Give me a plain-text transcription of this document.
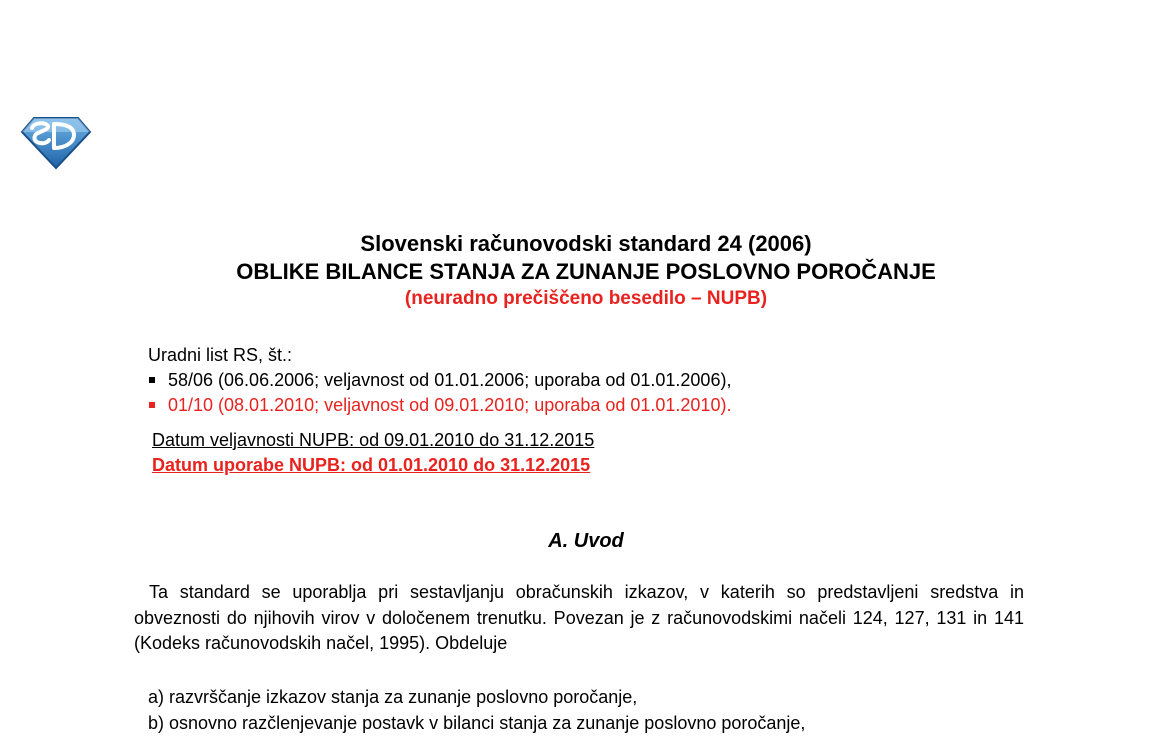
Slovenski računovodski standard 24 (2006)
OBLIKE BILANCE STANJA ZA ZUNANJE POSLOVNO POROČANJE
(neuradno prečiščeno besedilo – NUPB)
Uradni list RS, št.:
58/06 (06.06.2006; veljavnost od 01.01.2006; uporaba od 01.01.2006),
01/10 (08.01.2010; veljavnost od 09.01.2010; uporaba od 01.01.2010).
Datum veljavnosti NUPB: od 09.01.2010 do 31.12.2015
Datum uporabe NUPB: od 01.01.2010 do 31.12.2015
A. Uvod
Ta standard se uporablja pri sestavljanju obračunskih izkazov, v katerih so predstavljeni sredstva in obveznosti do njihovih virov v določenem trenutku. Povezan je z računovodskimi načeli 124, 127, 131 in 141 (Kodeks računovodskih načel, 1995). Obdeluje
a) razvrščanje izkazov stanja za zunanje poslovno poročanje,
b) osnovno razčlenjevanje postavk v bilanci stanja za zunanje poslovno poročanje,
